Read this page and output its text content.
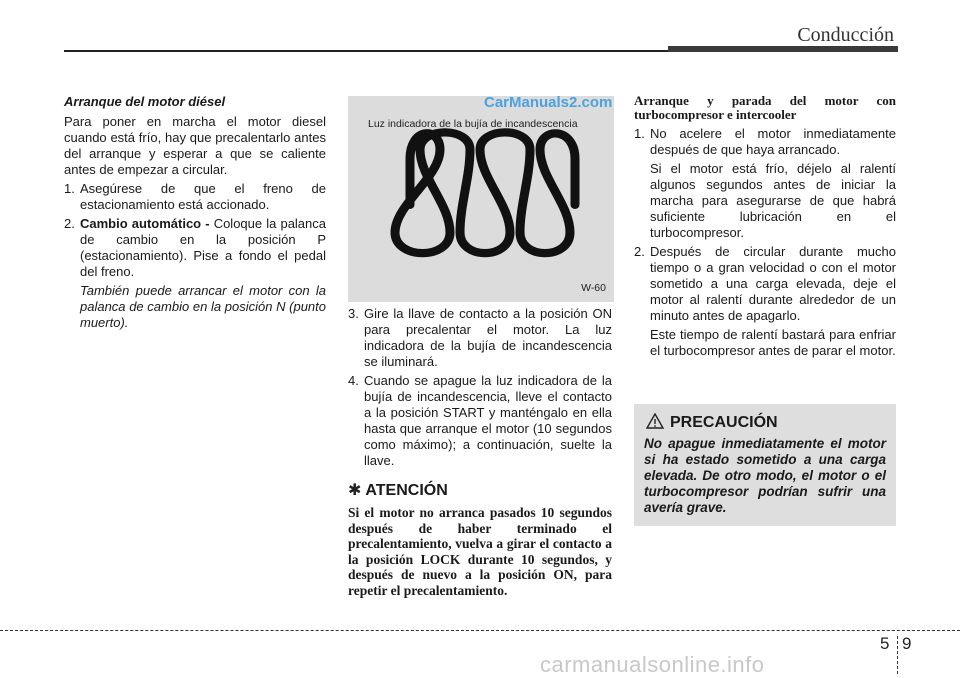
Conducción
Arranque del motor diésel

Para poner en marcha el motor diesel cuando está frío, hay que precalentarlo antes del arranque y esperar a que se caliente antes de empezar a circular.

1. Asegúrese de que el freno de estacionamiento está accionado.
2. Cambio automático - Coloque la palanca de cambio en la posición P (estacionamiento). Pise a fondo el pedal del freno.
También puede arrancar el motor con la palanca de cambio en la posición N (punto muerto).
CarManuals2.com
Luz indicadora de la bujía de incandescencia
W-60
3. Gire la llave de contacto a la posición ON para precalentar el motor. La luz indicadora de la bujía de incandescencia se iluminará.
4. Cuando se apague la luz indicadora de la bujía de incandescencia, lleve el contacto a la posición START y manténgalo en ella hasta que arranque el motor (10 segundos como máximo); a continuación, suelte la llave.
✱ ATENCIÓN
Si el motor no arranca pasados 10 segundos después de haber terminado el precalentamiento, vuelva a girar el contacto a la posición LOCK durante 10 segundos, y después de nuevo a la posición ON, para repetir el precalentamiento.
Arranque y parada del motor con turbocompresor e intercooler
1. No acelere el motor inmediatamente después de que haya arrancado.
Si el motor está frío, déjelo al ralentí algunos segundos antes de iniciar la marcha para asegurarse de que habrá suficiente lubricación en el turbocompresor.
2. Después de circular durante mucho tiempo o a gran velocidad o con el motor sometido a una carga elevada, deje el motor al ralentí durante alrededor de un minuto antes de apagarlo.
Este tiempo de ralentí bastará para enfriar el turbocompresor antes de parar el motor.
PRECAUCIÓN
No apague inmediatamente el motor si ha estado sometido a una carga elevada. De otro modo, el motor o el turbocompresor podrían sufrir una avería grave.
5 9
carmanualsonline.info
